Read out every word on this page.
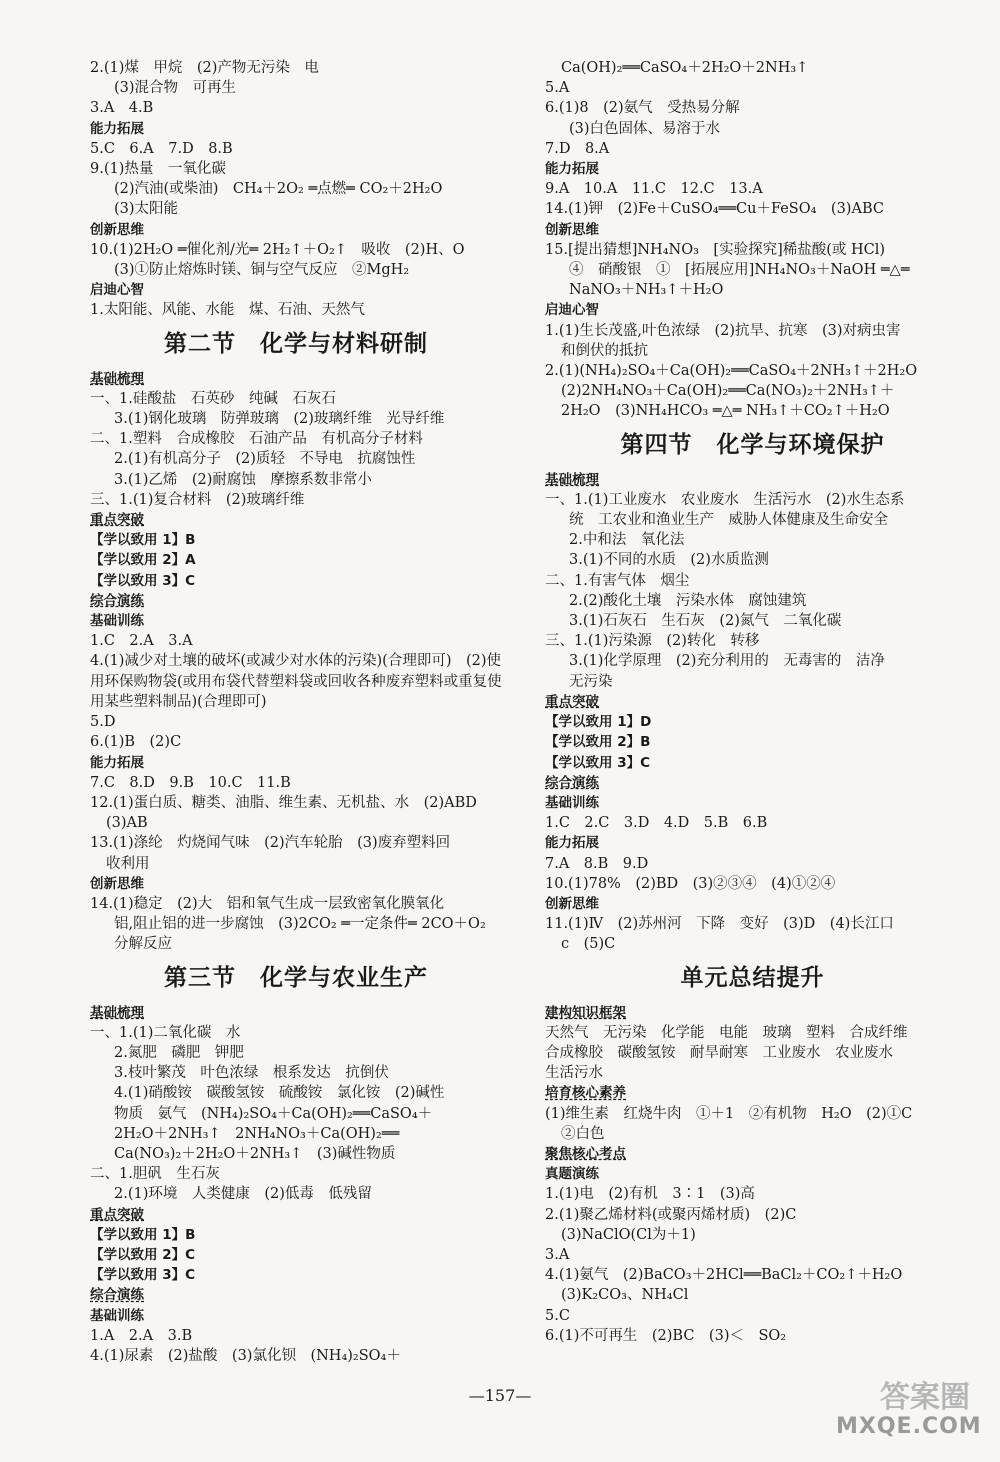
2.(1)煤　甲烷　(2)产物无污染　电
(3)混合物　可再生
3.A　4.B
能力拓展
5.C　6.A　7.D　8.B
9.(1)热量　一氧化碳
(2)汽油(或柴油)　CH₄＋2O₂ ═点燃═ CO₂＋2H₂O
(3)太阳能
创新思维
10.(1)2H₂O ═催化剂/光═ 2H₂↑＋O₂↑　吸收　(2)H、O
(3)①防止熔炼时镁、铜与空气反应　②MgH₂
启迪心智
1.太阳能、风能、水能　煤、石油、天然气
第二节　化学与材料研制
基础梳理
一、1.硅酸盐　石英砂　纯碱　石灰石
3.(1)钢化玻璃　防弹玻璃　(2)玻璃纤维　光导纤维
二、1.塑料　合成橡胶　石油产品　有机高分子材料
2.(1)有机高分子　(2)质轻　不导电　抗腐蚀性
3.(1)乙烯　(2)耐腐蚀　摩擦系数非常小
三、1.(1)复合材料　(2)玻璃纤维
重点突破
【学以致用 1】B
【学以致用 2】A
【学以致用 3】C
综合演练
基础训练
1.C　2.A　3.A
4.(1)减少对土壤的破坏(或减少对水体的污染)(合理即可)　(2)使用环保购物袋(或用布袋代替塑料袋或回收各种废弃塑料或重复使用某些塑料制品)(合理即可)
5.D
6.(1)B　(2)C
能力拓展
7.C　8.D　9.B　10.C　11.B
12.(1)蛋白质、糖类、油脂、维生素、无机盐、水　(2)ABD
(3)AB
13.(1)涤纶　灼烧闻气味　(2)汽车轮胎　(3)废弃塑料回
收利用
创新思维
14.(1)稳定　(2)大　铝和氧气生成一层致密氧化膜氧化
铝,阻止铝的进一步腐蚀　(3)2CO₂ ═一定条件═ 2CO＋O₂
分解反应
第三节　化学与农业生产
基础梳理
一、1.(1)二氧化碳　水
2.氮肥　磷肥　钾肥
3.枝叶繁茂　叶色浓绿　根系发达　抗倒伏
4.(1)硝酸铵　碳酸氢铵　硫酸铵　氯化铵　(2)碱性
物质　氨气　(NH₄)₂SO₄＋Ca(OH)₂══CaSO₄＋
2H₂O＋2NH₃↑　2NH₄NO₃＋Ca(OH)₂══
Ca(NO₃)₂＋2H₂O＋2NH₃↑　(3)碱性物质
二、1.胆矾　生石灰
2.(1)环境　人类健康　(2)低毒　低残留
重点突破
【学以致用 1】B
【学以致用 2】C
【学以致用 3】C
综合演练
基础训练
1.A　2.A　3.B
4.(1)尿素　(2)盐酸　(3)氯化钡　(NH₄)₂SO₄＋
Ca(OH)₂══CaSO₄＋2H₂O＋2NH₃↑
5.A
6.(1)8　(2)氨气　受热易分解
(3)白色固体、易溶于水
7.D　8.A
能力拓展
9.A　10.A　11.C　12.C　13.A
14.(1)钾　(2)Fe＋CuSO₄══Cu＋FeSO₄　(3)ABC
创新思维
15.[提出猜想]NH₄NO₃　[实验探究]稀盐酸(或 HCl)
④　硝酸银　①　[拓展应用]NH₄NO₃＋NaOH ═△═
NaNO₃＋NH₃↑＋H₂O
启迪心智
1.(1)生长茂盛,叶色浓绿　(2)抗旱、抗寒　(3)对病虫害
和倒伏的抵抗
2.(1)(NH₄)₂SO₄＋Ca(OH)₂══CaSO₄＋2NH₃↑＋2H₂O
(2)2NH₄NO₃＋Ca(OH)₂══Ca(NO₃)₂＋2NH₃↑＋
2H₂O　(3)NH₄HCO₃ ═△═ NH₃↑＋CO₂↑＋H₂O
第四节　化学与环境保护
基础梳理
一、1.(1)工业废水　农业废水　生活污水　(2)水生态系
统　工农业和渔业生产　威胁人体健康及生命安全
2.中和法　氧化法
3.(1)不同的水质　(2)水质监测
二、1.有害气体　烟尘
2.(2)酸化土壤　污染水体　腐蚀建筑
3.(1)石灰石　生石灰　(2)氮气　二氧化碳
三、1.(1)污染源　(2)转化　转移
3.(1)化学原理　(2)充分利用的　无毒害的　洁净
无污染
重点突破
【学以致用 1】D
【学以致用 2】B
【学以致用 3】C
综合演练
基础训练
1.C　2.C　3.D　4.D　5.B　6.B
能力拓展
7.A　8.B　9.D
10.(1)78%　(2)BD　(3)②③④　(4)①②④
创新思维
11.(1)Ⅳ　(2)苏州河　下降　变好　(3)D　(4)长江口
c　(5)C
单元总结提升
建构知识框架
天然气　无污染　化学能　电能　玻璃　塑料　合成纤维
合成橡胶　碳酸氢铵　耐旱耐寒　工业废水　农业废水
生活污水
培育核心素养
(1)维生素　红烧牛肉　①＋1　②有机物　H₂O　(2)①C
②白色
聚焦核心考点
真题演练
1.(1)电　(2)有机　3∶1　(3)高
2.(1)聚乙烯材料(或聚丙烯材质)　(2)C
(3)NaClO(Cl为＋1)
3.A
4.(1)氨气　(2)BaCO₃＋2HCl══BaCl₂＋CO₂↑＋H₂O
(3)K₂CO₃、NH₄Cl
5.C
6.(1)不可再生　(2)BC　(3)＜　SO₂
—157—	答案圈
MXQE.COM
